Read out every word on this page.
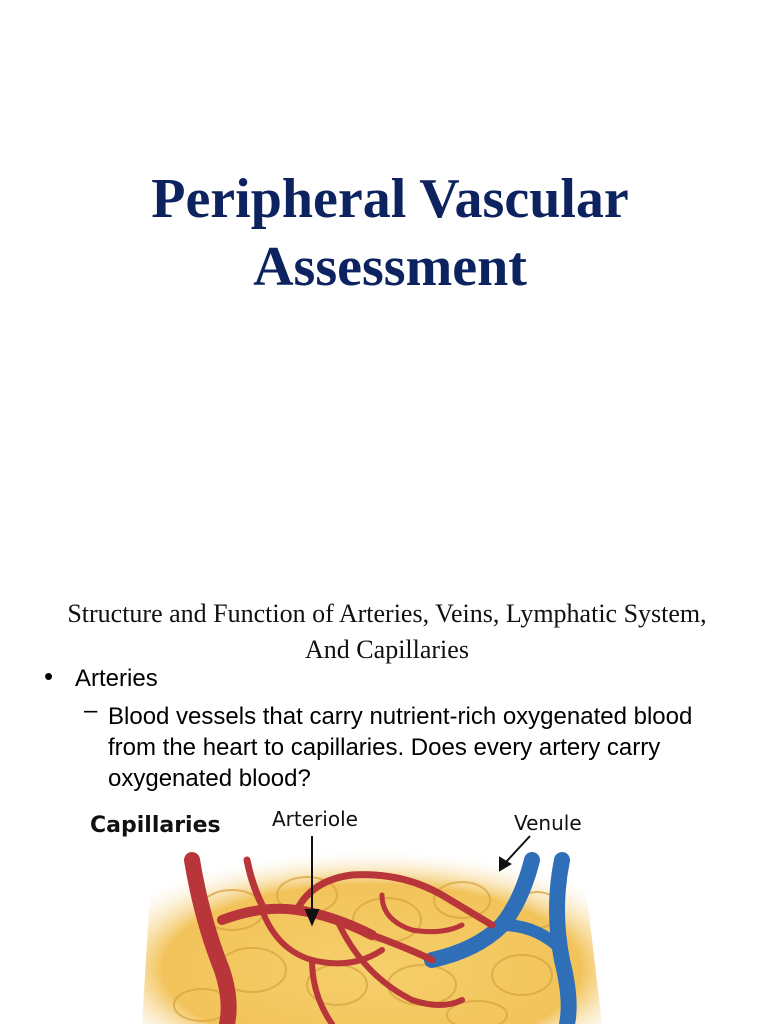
Peripheral Vascular
Assessment

Structure and Function of Arteries, Veins, Lymphatic System, And Capillaries

• Arteries
– Blood vessels that carry nutrient-rich oxygenated blood from the heart to capillaries. Does every artery carry oxygenated blood?
Capillaries	Arteriole	Venule
